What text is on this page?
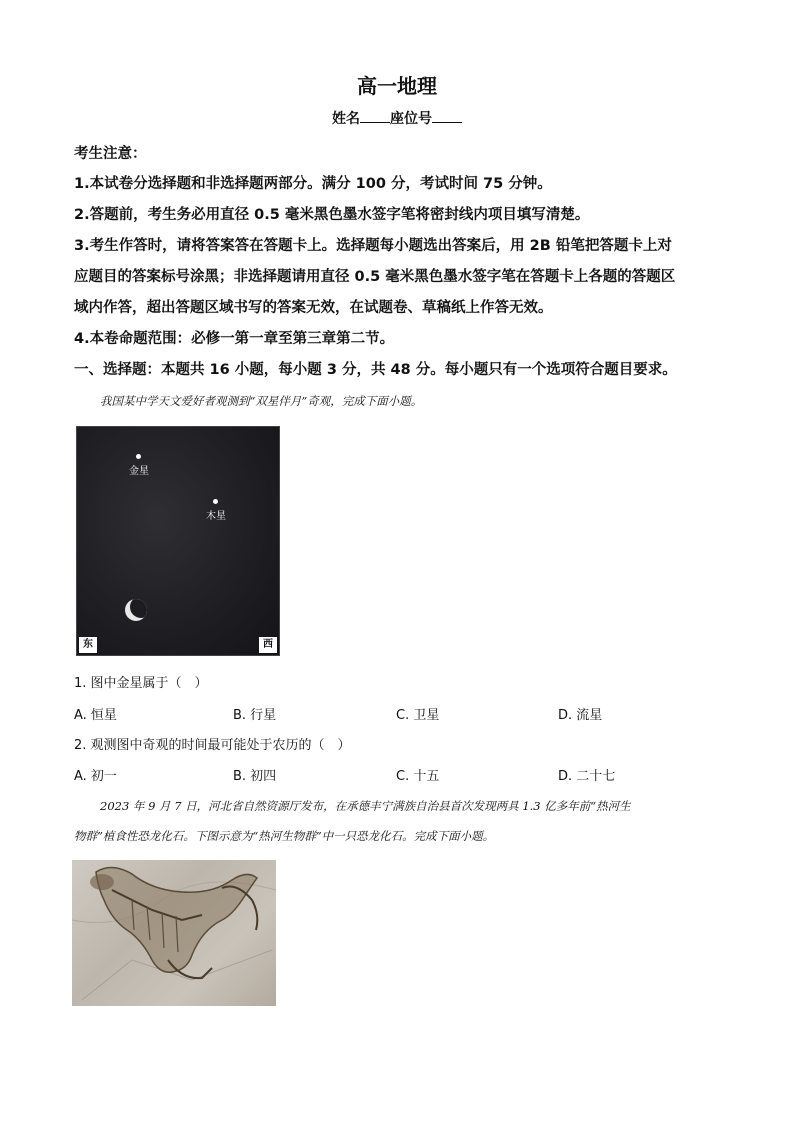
高一地理
姓名 座位号
考生注意：
1.本试卷分选择题和非选择题两部分。满分 100 分，考试时间 75 分钟。
2.答题前，考生务必用直径 0.5 毫米黑色墨水签字笔将密封线内项目填写清楚。
3.考生作答时，请将答案答在答题卡上。选择题每小题选出答案后，用 2B 铅笔把答题卡上对
应题目的答案标号涂黑；非选择题请用直径 0.5 毫米黑色墨水签字笔在答题卡上各题的答题区
域内作答，超出答题区域书写的答案无效，在试题卷、草稿纸上作答无效。
4.本卷命题范围：必修一第一章至第三章第二节。
一、选择题：本题共 16 小题，每小题 3 分，共 48 分。每小题只有一个选项符合题目要求。
我国某中学天文爱好者观测到“双星伴月”奇观，完成下面小题。
金星
木星
东	西
1. 图中金星属于（　）
A. 恒星	B. 行星	C. 卫星	D. 流星
2. 观测图中奇观的时间最可能处于农历的（　）
A. 初一	B. 初四	C. 十五	D. 二十七
2023 年 9 月 7 日，河北省自然资源厅发布，在承德丰宁满族自治县首次发现两具 1.3 亿多年前“热河生
物群”植食性恐龙化石。下图示意为“热河生物群”中一只恐龙化石。完成下面小题。
